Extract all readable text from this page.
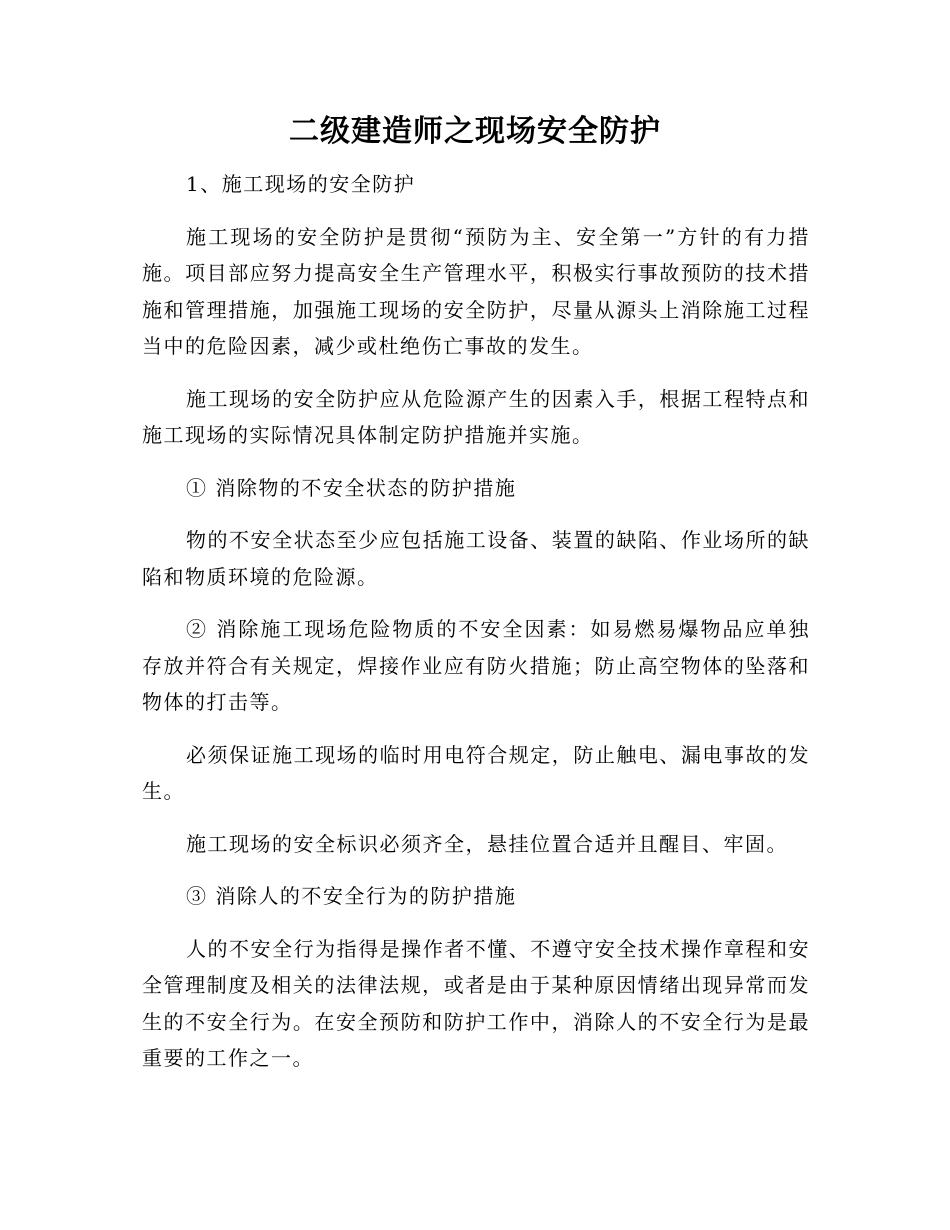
二级建造师之现场安全防护

1、施工现场的安全防护

施工现场的安全防护是贯彻“预防为主、安全第一”方针的有力措施。项目部应努力提高安全生产管理水平，积极实行事故预防的技术措施和管理措施，加强施工现场的安全防护，尽量从源头上消除施工过程当中的危险因素，减少或杜绝伤亡事故的发生。

施工现场的安全防护应从危险源产生的因素入手，根据工程特点和施工现场的实际情况具体制定防护措施并实施。

① 消除物的不安全状态的防护措施

物的不安全状态至少应包括施工设备、装置的缺陷、作业场所的缺陷和物质环境的危险源。

② 消除施工现场危险物质的不安全因素：如易燃易爆物品应单独存放并符合有关规定，焊接作业应有防火措施；防止高空物体的坠落和物体的打击等。

必须保证施工现场的临时用电符合规定，防止触电、漏电事故的发生。

施工现场的安全标识必须齐全，悬挂位置合适并且醒目、牢固。

③ 消除人的不安全行为的防护措施

人的不安全行为指得是操作者不懂、不遵守安全技术操作章程和安全管理制度及相关的法律法规，或者是由于某种原因情绪出现异常而发生的不安全行为。在安全预防和防护工作中，消除人的不安全行为是最重要的工作之一。
